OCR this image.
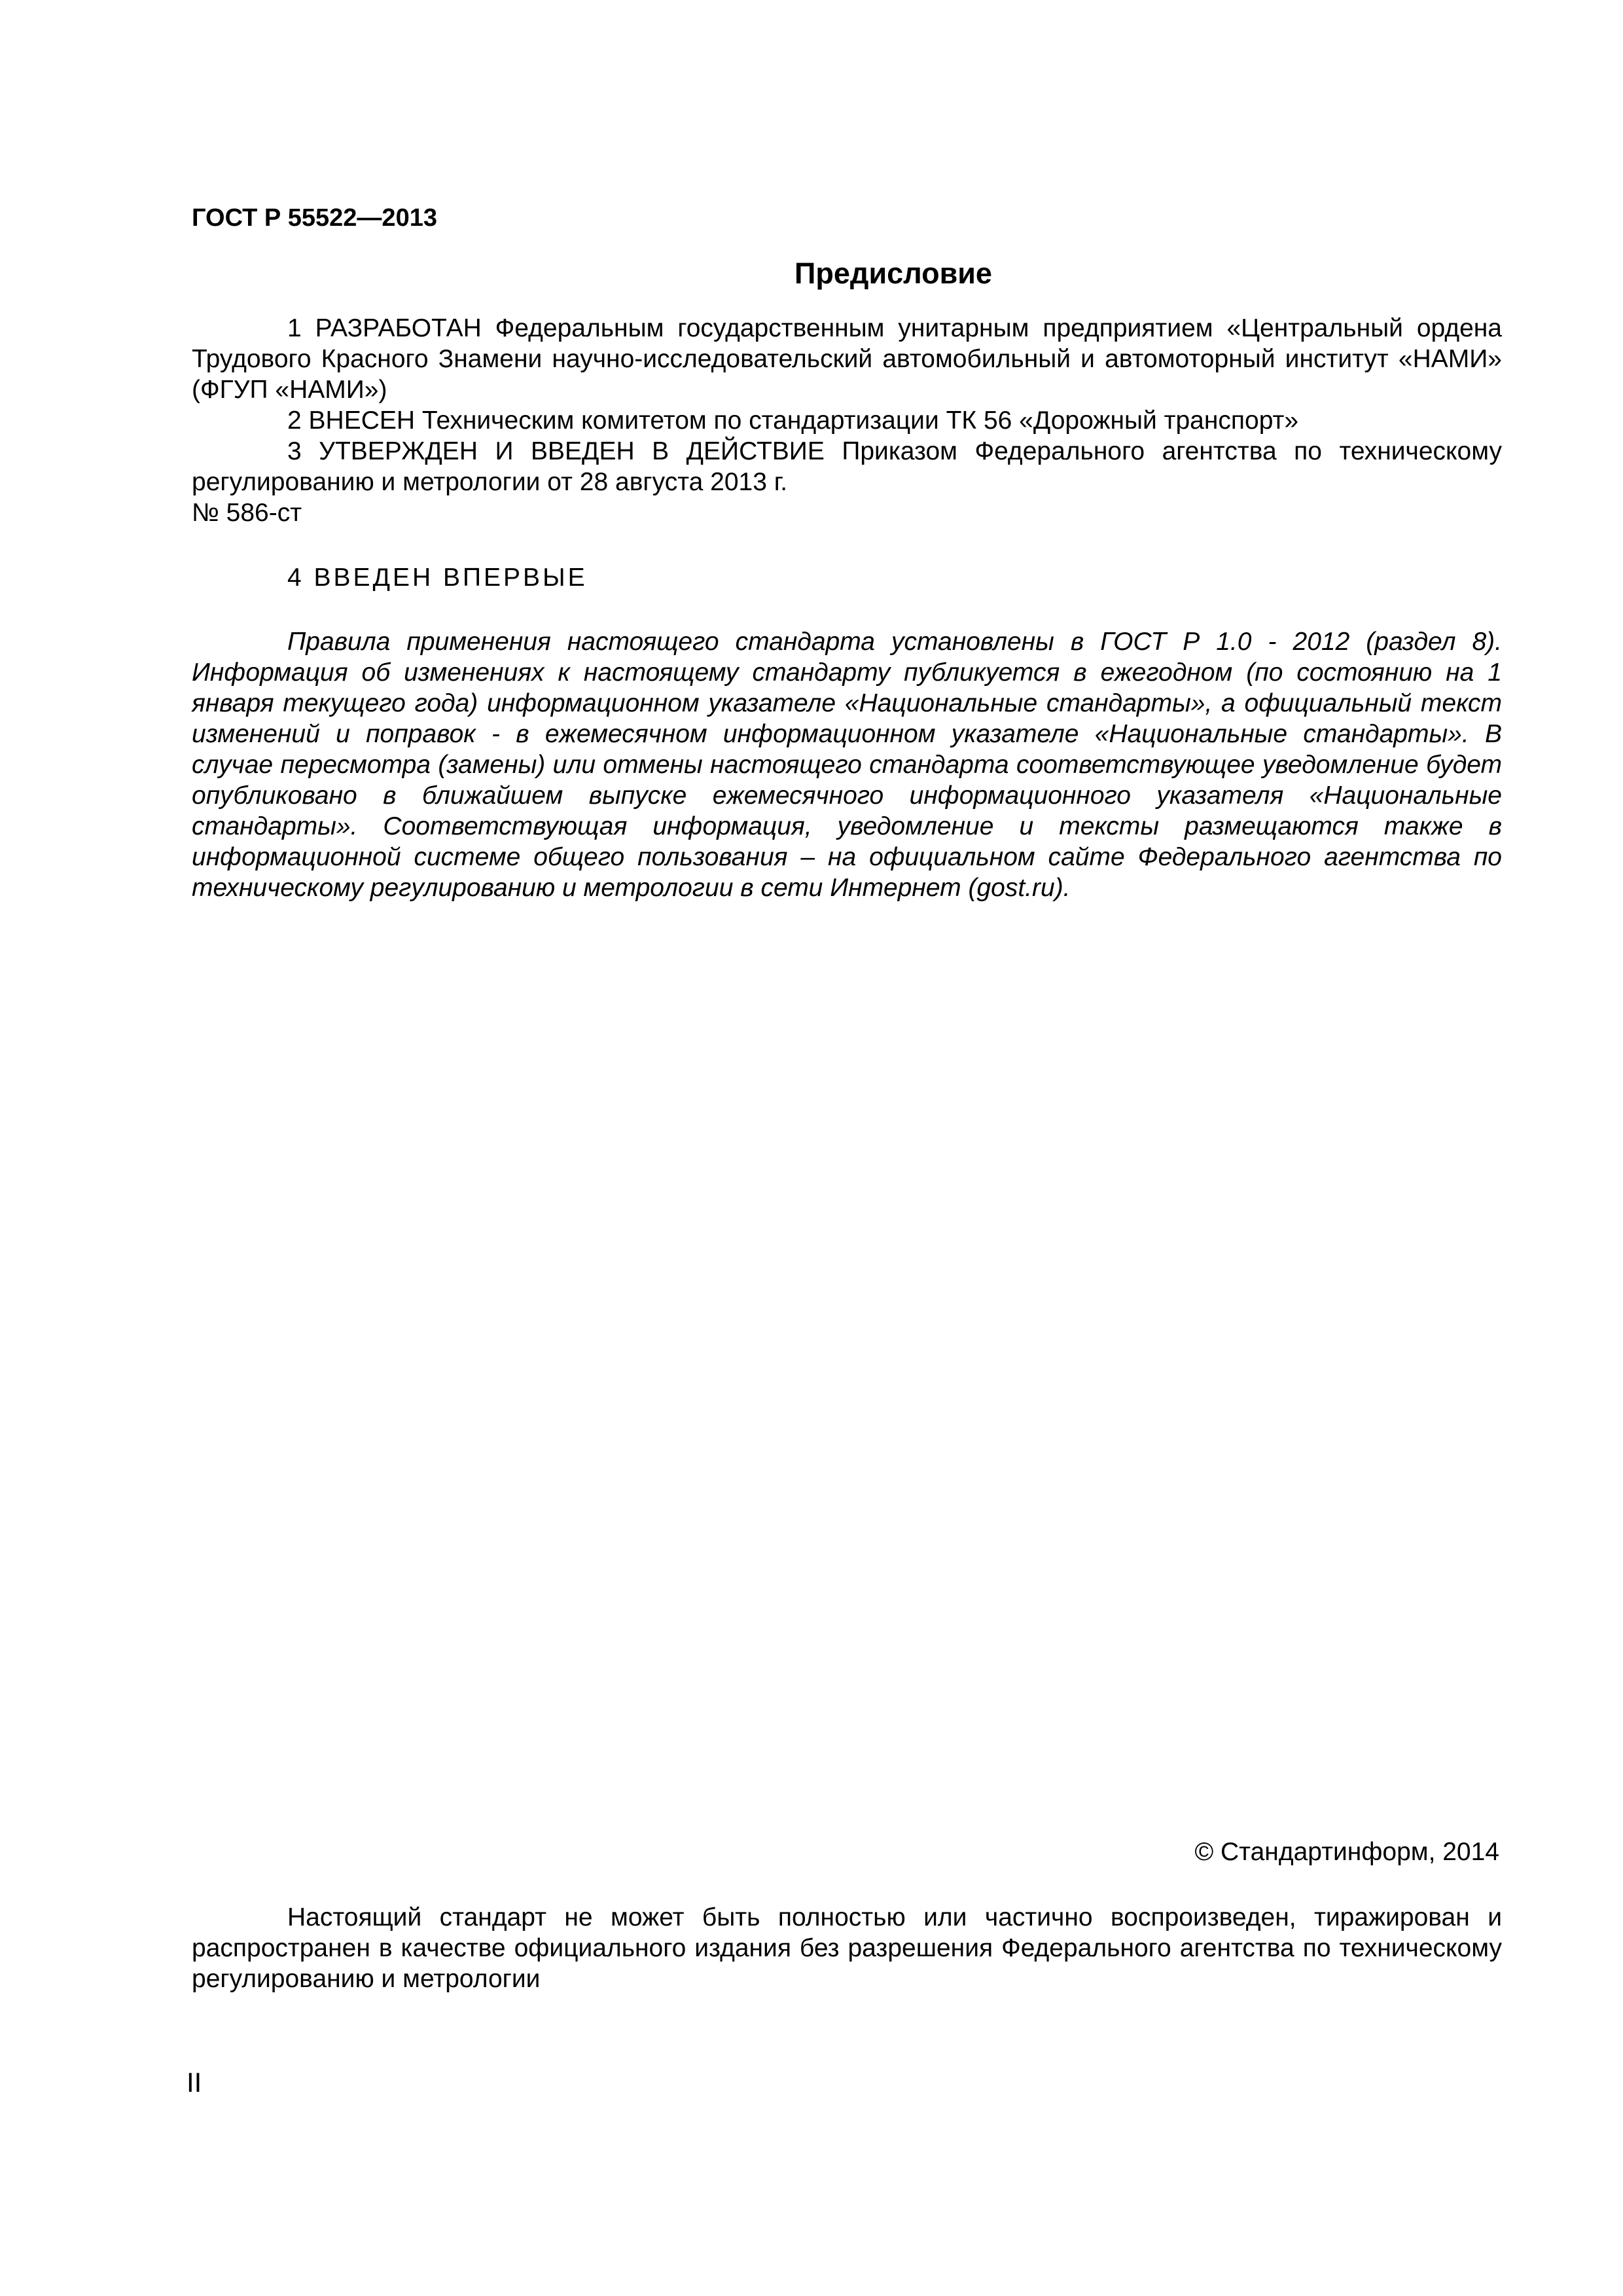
ГОСТ Р 55522—2013
Предисловие

1 РАЗРАБОТАН Федеральным государственным унитарным предприятием «Центральный ордена Трудового Красного Знамени научно-исследовательский автомобильный и автомоторный институт «НАМИ» (ФГУП «НАМИ»)

2 ВНЕСЕН Техническим комитетом по стандартизации ТК 56 «Дорожный транспорт»

3 УТВЕРЖДЕН И ВВЕДЕН В ДЕЙСТВИЕ Приказом Федерального агентства по техническому регулированию и метрологии от 28 августа 2013 г.

№ 586-ст

4 ВВЕДЕН ВПЕРВЫЕ

Правила применения настоящего стандарта установлены в ГОСТ Р 1.0 - 2012 (раздел 8). Информация об изменениях к настоящему стандарту публикуется в ежегодном (по состоянию на 1 января текущего года) информационном указателе «Национальные стандарты», а официальный текст изменений и поправок - в ежемесячном информационном указателе «Национальные стандарты». В случае пересмотра (замены) или отмены настоящего стандарта соответствующее уведомление будет опубликовано в ближайшем выпуске ежемесячного информационного указателя «Национальные стандарты». Соответствующая информация, уведомление и тексты размещаются также в информационной системе общего пользования – на официальном сайте Федерального агентства по техническому регулированию и метрологии в сети Интернет (gost.ru).

© Стандартинформ, 2014

Настоящий стандарт не может быть полностью или частично воспроизведен, тиражирован и распространен в качестве официального издания без разрешения Федерального агентства по техническому регулированию и метрологии

II
